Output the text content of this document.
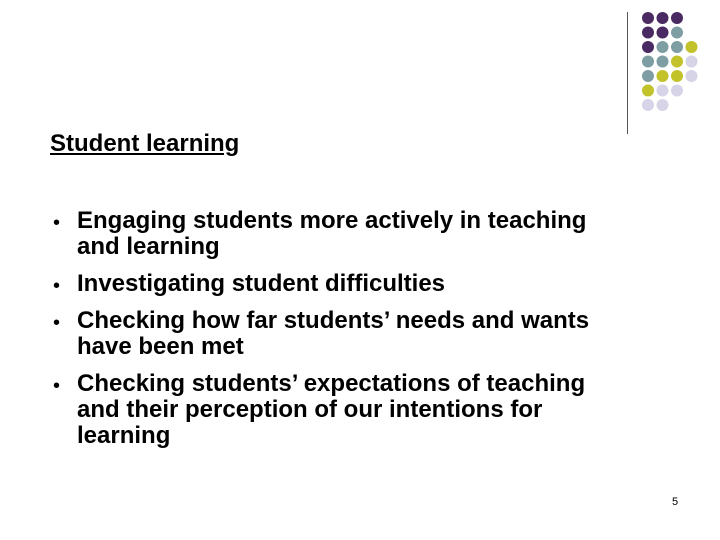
Student learning
• Engaging students more actively in teaching and learning
• Investigating student difficulties
• Checking how far students’ needs and wants have been met
• Checking students’ expectations of teaching and their perception of our intentions for learning
5
